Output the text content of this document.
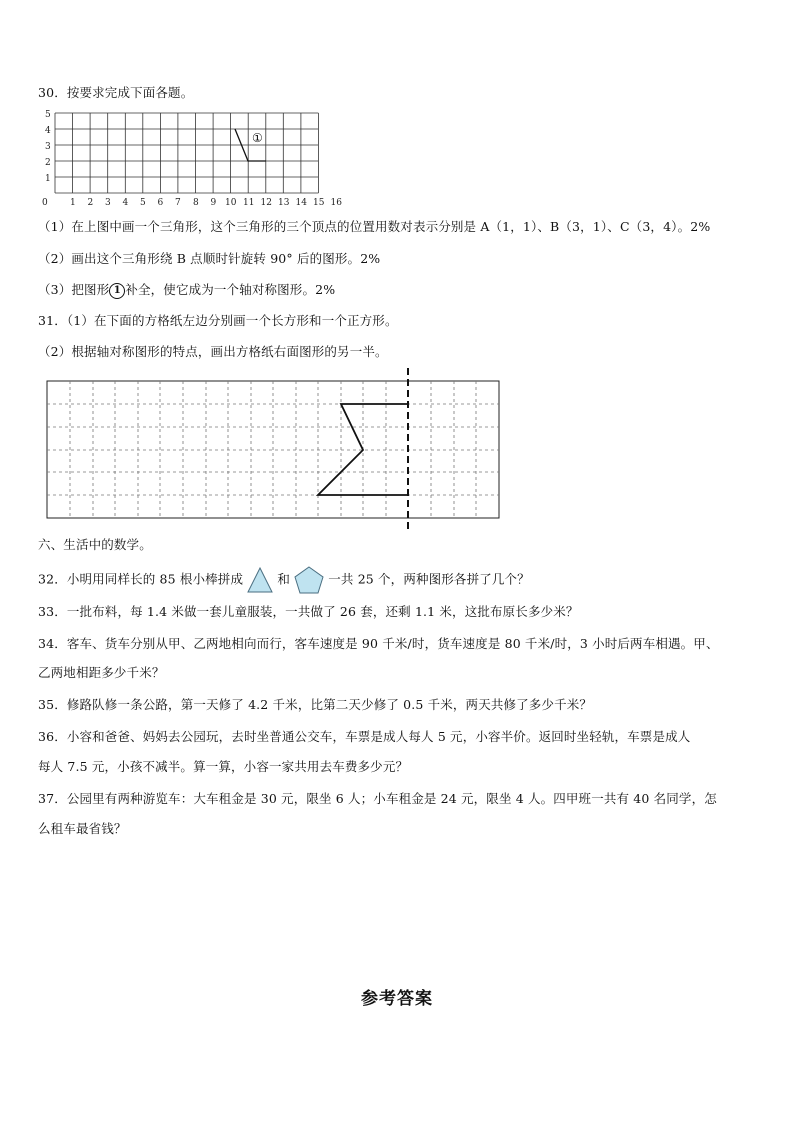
30．按要求完成下面各题。
5
4
3
2
1
0 1 2 3 4 5 6 7 8 9 10 11 12 13 14 15 16
①
（1）在上图中画一个三角形，这个三角形的三个顶点的位置用数对表示分别是 A（1，1）、B（3，1）、C（3，4）。2%
（2）画出这个三角形绕 B 点顺时针旋转 90° 后的图形。2%
（3）把图形 1 补全，使它成为一个轴对称图形。2%
31．（1）在下面的方格纸左边分别画一个长方形和一个正方形。
（2）根据轴对称图形的特点，画出方格纸右面图形的另一半。
六、生活中的数学。
32．小明用同样长的 85 根小棒拼成	和	一共 25 个，两种图形各拼了几个？
33．一批布料，每 1.4 米做一套儿童服装，一共做了 26 套，还剩 1.1 米，这批布原长多少米？
34．客车、货车分别从甲、乙两地相向而行，客车速度是 90 千米/时，货车速度是 80 千米/时，3 小时后两车相遇。甲、
乙两地相距多少千米？
35．修路队修一条公路，第一天修了 4.2 千米，比第二天少修了 0.5 千米，两天共修了多少千米？
36．小容和爸爸、妈妈去公园玩，去时坐普通公交车，车票是成人每人 5 元，小容半价。返回时坐轻轨，车票是成人
每人 7.5 元，小孩不减半。算一算，小容一家共用去车费多少元？
37．公园里有两种游览车：大车租金是 30 元，限坐 6 人；小车租金是 24 元，限坐 4 人。四甲班一共有 40 名同学，怎
么租车最省钱？
参考答案
